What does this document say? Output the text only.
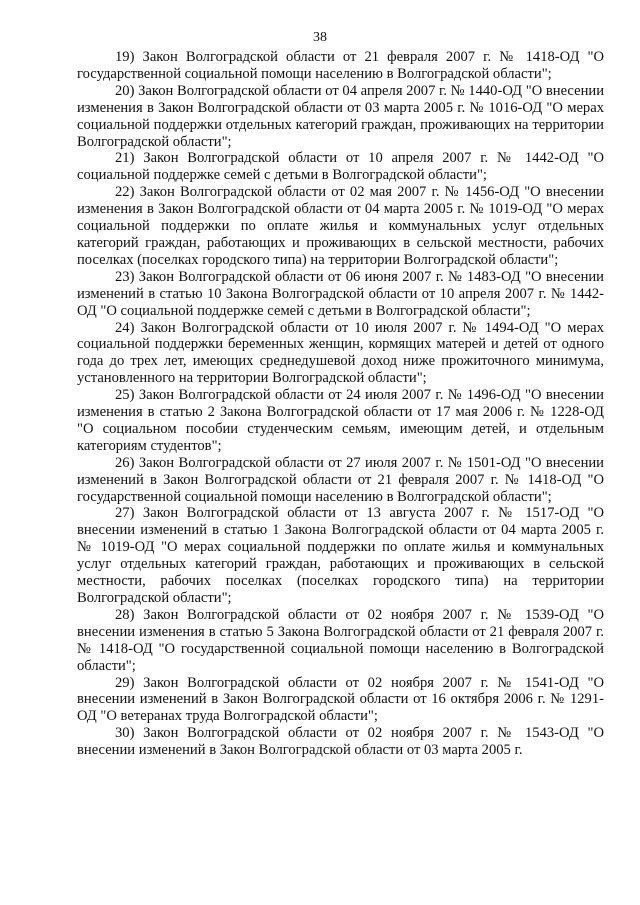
38

19) Закон Волгоградской области от 21 февраля 2007 г. № 1418-ОД "О государственной социальной помощи населению в Волгоградской области";

20) Закон Волгоградской области от 04 апреля 2007 г. № 1440-ОД "О внесении изменения в Закон Волгоградской области от 03 марта 2005 г. № 1016-ОД "О мерах социальной поддержки отдельных категорий граждан, проживающих на территории Волгоградской области";

21) Закон Волгоградской области от 10 апреля 2007 г. № 1442-ОД "О социальной поддержке семей с детьми в Волгоградской области";

22) Закон Волгоградской области от 02 мая 2007 г. № 1456-ОД "О внесении изменения в Закон Волгоградской области от 04 марта 2005 г. № 1019-ОД "О мерах социальной поддержки по оплате жилья и коммунальных услуг отдельных категорий граждан, работающих и проживающих в сельской местности, рабочих поселках (поселках городского типа) на территории Волгоградской области";

23) Закон Волгоградской области от 06 июня 2007 г. № 1483-ОД "О внесении изменений в статью 10 Закона Волгоградской области от 10 апреля 2007 г. № 1442-ОД "О социальной поддержке семей с детьми в Волгоградской области";

24) Закон Волгоградской области от 10 июля 2007 г. № 1494-ОД "О мерах социальной поддержки беременных женщин, кормящих матерей и детей от одного года до трех лет, имеющих среднедушевой доход ниже прожиточного минимума, установленного на территории Волгоградской области";

25) Закон Волгоградской области от 24 июля 2007 г. № 1496-ОД "О внесении изменения в статью 2 Закона Волгоградской области от 17 мая 2006 г. № 1228-ОД "О социальном пособии студенческим семьям, имеющим детей, и отдельным категориям студентов";

26) Закон Волгоградской области от 27 июля 2007 г. № 1501-ОД "О внесении изменений в Закон Волгоградской области от 21 февраля 2007 г. № 1418-ОД "О государственной социальной помощи населению в Волгоградской области";

27) Закон Волгоградской области от 13 августа 2007 г. № 1517-ОД "О внесении изменений в статью 1 Закона Волгоградской области от 04 марта 2005 г. № 1019-ОД "О мерах социальной поддержки по оплате жилья и коммунальных услуг отдельных категорий граждан, работающих и проживающих в сельской местности, рабочих поселках (поселках городского типа) на территории Волгоградской области";

28) Закон Волгоградской области от 02 ноября 2007 г. № 1539-ОД "О внесении изменения в статью 5 Закона Волгоградской области от 21 февраля 2007 г. № 1418-ОД "О государственной социальной помощи населению в Волгоградской области";

29) Закон Волгоградской области от 02 ноября 2007 г. № 1541-ОД "О внесении изменений в Закон Волгоградской области от 16 октября 2006 г. № 1291-ОД "О ветеранах труда Волгоградской области";

30) Закон Волгоградской области от 02 ноября 2007 г. № 1543-ОД "О внесении изменений в Закон Волгоградской области от 03 марта 2005 г.
